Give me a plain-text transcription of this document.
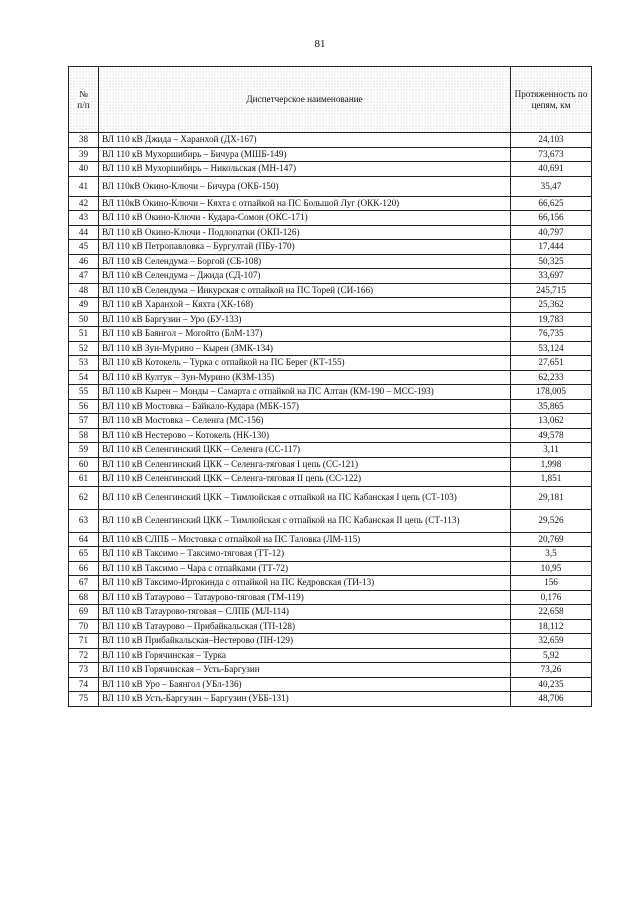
81
№
п/п	Диспетчерское наименование	Протяженность по цепям, км
38	ВЛ 110 кВ Джида – Харанхой (ДХ-167)	24,103
39	ВЛ 110 кВ Мухоршибирь – Бичура (МШБ-149)	73,673
40	ВЛ 110 кВ Мухоршибирь – Никольская (МН-147)	40,691
41	ВЛ 110кВ Окино-Ключи – Бичура (ОКБ-150)	35,47
42	ВЛ 110кВ Окино-Ключи – Кяхта с отпайкой на ПС Большой Луг (ОКК-120)	66,625
43	ВЛ 110 кВ Окино-Ключи - Кудара-Сомон (ОКС-171)	66,156
44	ВЛ 110 кВ Окино-Ключи - Подлопатки (ОКП-126)	40,797
45	ВЛ 110 кВ Петропавловка – Бургултай (ПБу-170)	17,444
46	ВЛ 110 кВ Селендума – Боргой (СБ-108)	50,325
47	ВЛ 110 кВ Селендума – Джида (СД-107)	33,697
48	ВЛ 110 кВ Селендума – Инкурская с отпайкой на ПС Торей (СИ-166)	245,715
49	ВЛ 110 кВ Харанхой – Кяхта (ХК-168)	25,362
50	ВЛ 110 кВ Баргузин – Уро (БУ-133)	19,783
51	ВЛ 110 кВ Баянгол – Могойто (БлМ-137)	76,735
52	ВЛ 110 кВ Зун-Мурино – Кырен (ЗМК-134)	53,124
53	ВЛ 110 кВ Котокель – Турка с отпайкой на ПС Берег (КТ-155)	27,651
54	ВЛ 110 кВ Култук – Зун-Мурино (КЗМ-135)	62,233
55	ВЛ 110 кВ Кырен – Монды – Самарта с отпайкой на ПС Алтан (КМ-190 – МСС-193)	178,005
56	ВЛ 110 кВ Мостовка – Байкало-Кудара (МБК-157)	35,865
57	ВЛ 110 кВ Мостовка – Селенга (МС-156)	13,062
58	ВЛ 110 кВ Нестерово – Котокель (НК-130)	49,578
59	ВЛ 110 кВ Селенгинский ЦКК – Селенга (СС-117)	3,11
60	ВЛ 110 кВ Селенгинский ЦКК – Селенга-тяговая I цепь (СС-121)	1,998
61	ВЛ 110 кВ Селенгинский ЦКК – Селенга-тяговая II цепь (СС-122)	1,851
62	ВЛ 110 кВ Селенгинский ЦКК – Тимлюйская с отпайкой на ПС Кабанская I цепь (СТ-103)	29,181
63	ВЛ 110 кВ Селенгинский ЦКК – Тимлюйская с отпайкой на ПС Кабанская II цепь (СТ-113)	29,526
64	ВЛ 110 кВ СЛПБ – Мостовка с отпайкой на ПС Таловка (ЛМ-115)	20,769
65	ВЛ 110 кВ Таксимо – Таксимо-тяговая (ТТ-12)	3,5
66	ВЛ 110 кВ Таксимо – Чара с отпайками (ТТ-72)	10,95
67	ВЛ 110 кВ Таксимо-Иргокинда с отпайкой на ПС Кедровская (ТИ-13)	156
68	ВЛ 110 кВ Татаурово – Татаурово-тяговая (ТМ-119)	0,176
69	ВЛ 110 кВ Татаурово-тяговая – СЛПБ (МЛ-114)	22,658
70	ВЛ 110 кВ Татаурово – Прибайкальская (ТП-128)	18,112
71	ВЛ 110 кВ Прибайкальская–Нестерово (ПН-129)	32,659
72	ВЛ 110 кВ Горячинская – Турка	5,92
73	ВЛ 110 кВ Горячинская – Усть-Баргузин	73,26
74	ВЛ 110 кВ Уро – Баянгол (УБл-136)	40,235
75	ВЛ 110 кВ Усть-Баргузин – Баргузин (УББ-131)	48,706
